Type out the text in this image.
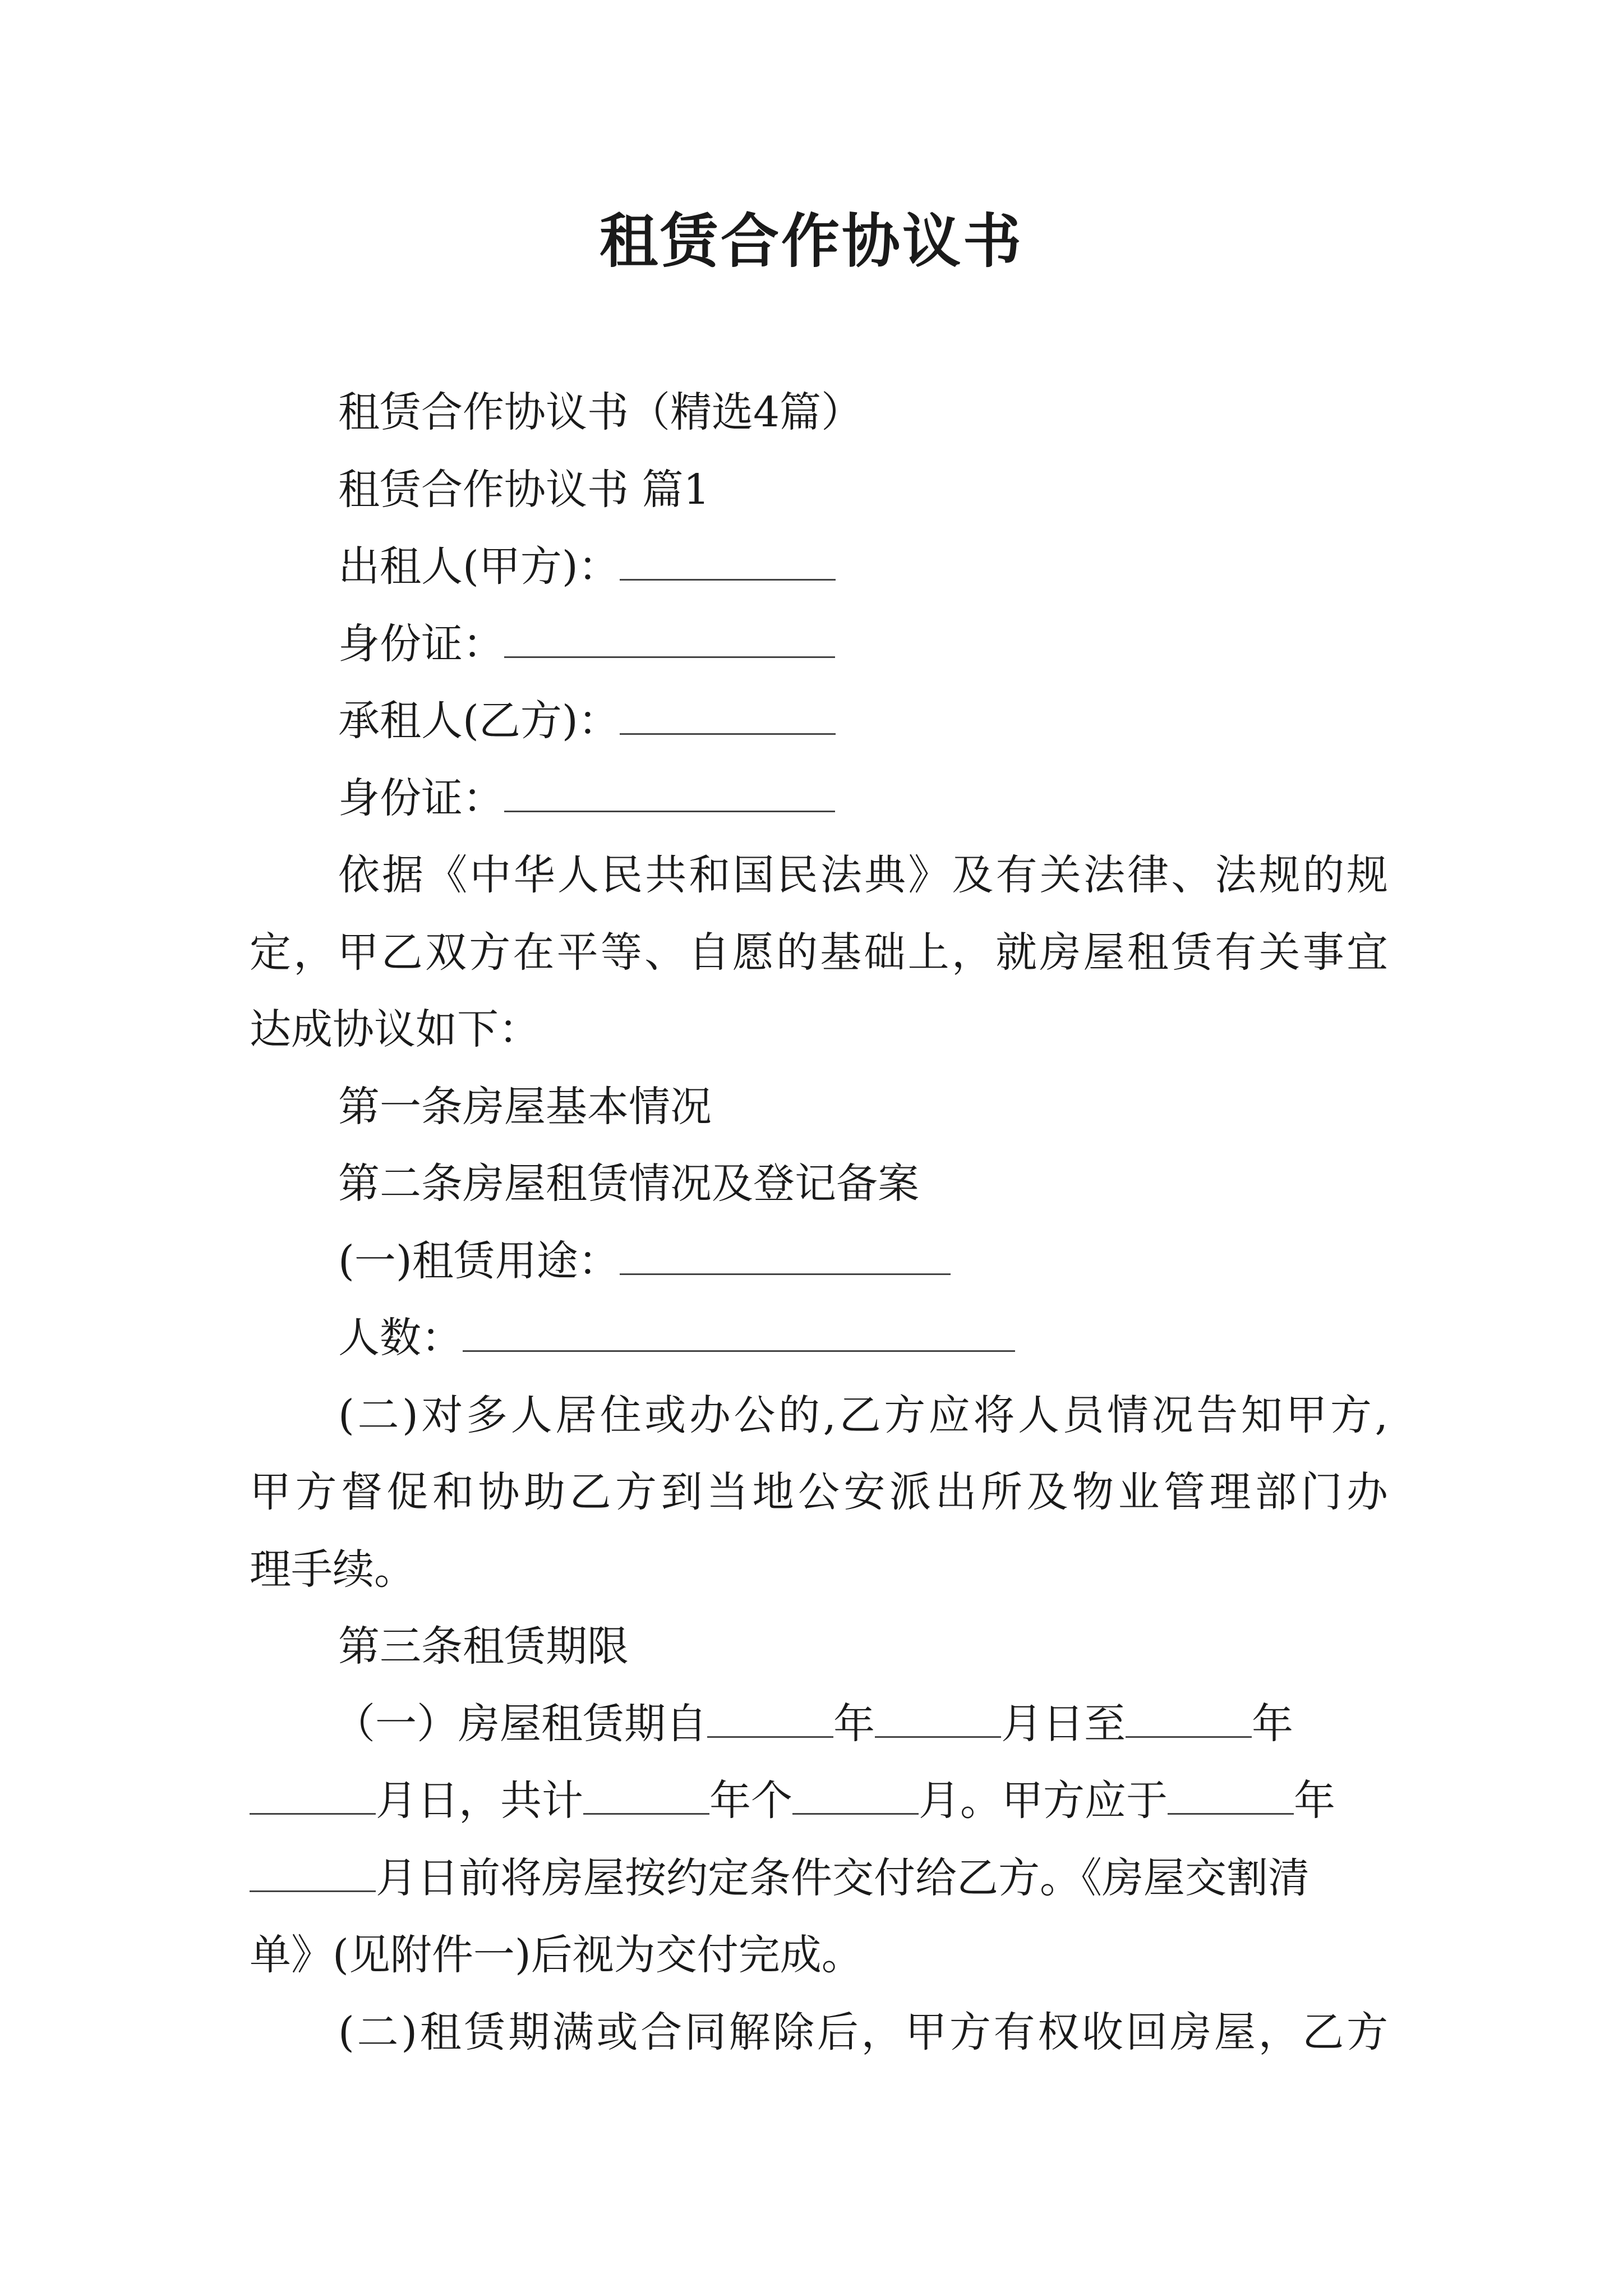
租赁合作协议书
租赁合作协议书（精选4篇）
租赁合作协议书 篇1
出租人(甲方)：
身份证：
承租人(乙方)：
身份证：
依据《中华人民共和国民法典》及有关法律、法规的规
定，甲乙双方在平等、自愿的基础上，就房屋租赁有关事宜
达成协议如下：
第一条房屋基本情况
第二条房屋租赁情况及登记备案
(一)租赁用途：
人数：
(二)对多人居住或办公的,乙方应将人员情况告知甲方,
甲方督促和协助乙方到当地公安派出所及物业管理部门办
理手续。
第三条租赁期限
（一）房屋租赁期自	年	月日至	年
月日，共计	年个	月。甲方应于	年
月日前将房屋按约定条件交付给乙方。《房屋交割清
单》(见附件一)后视为交付完成。
(二)租赁期满或合同解除后，甲方有权收回房屋，乙方
